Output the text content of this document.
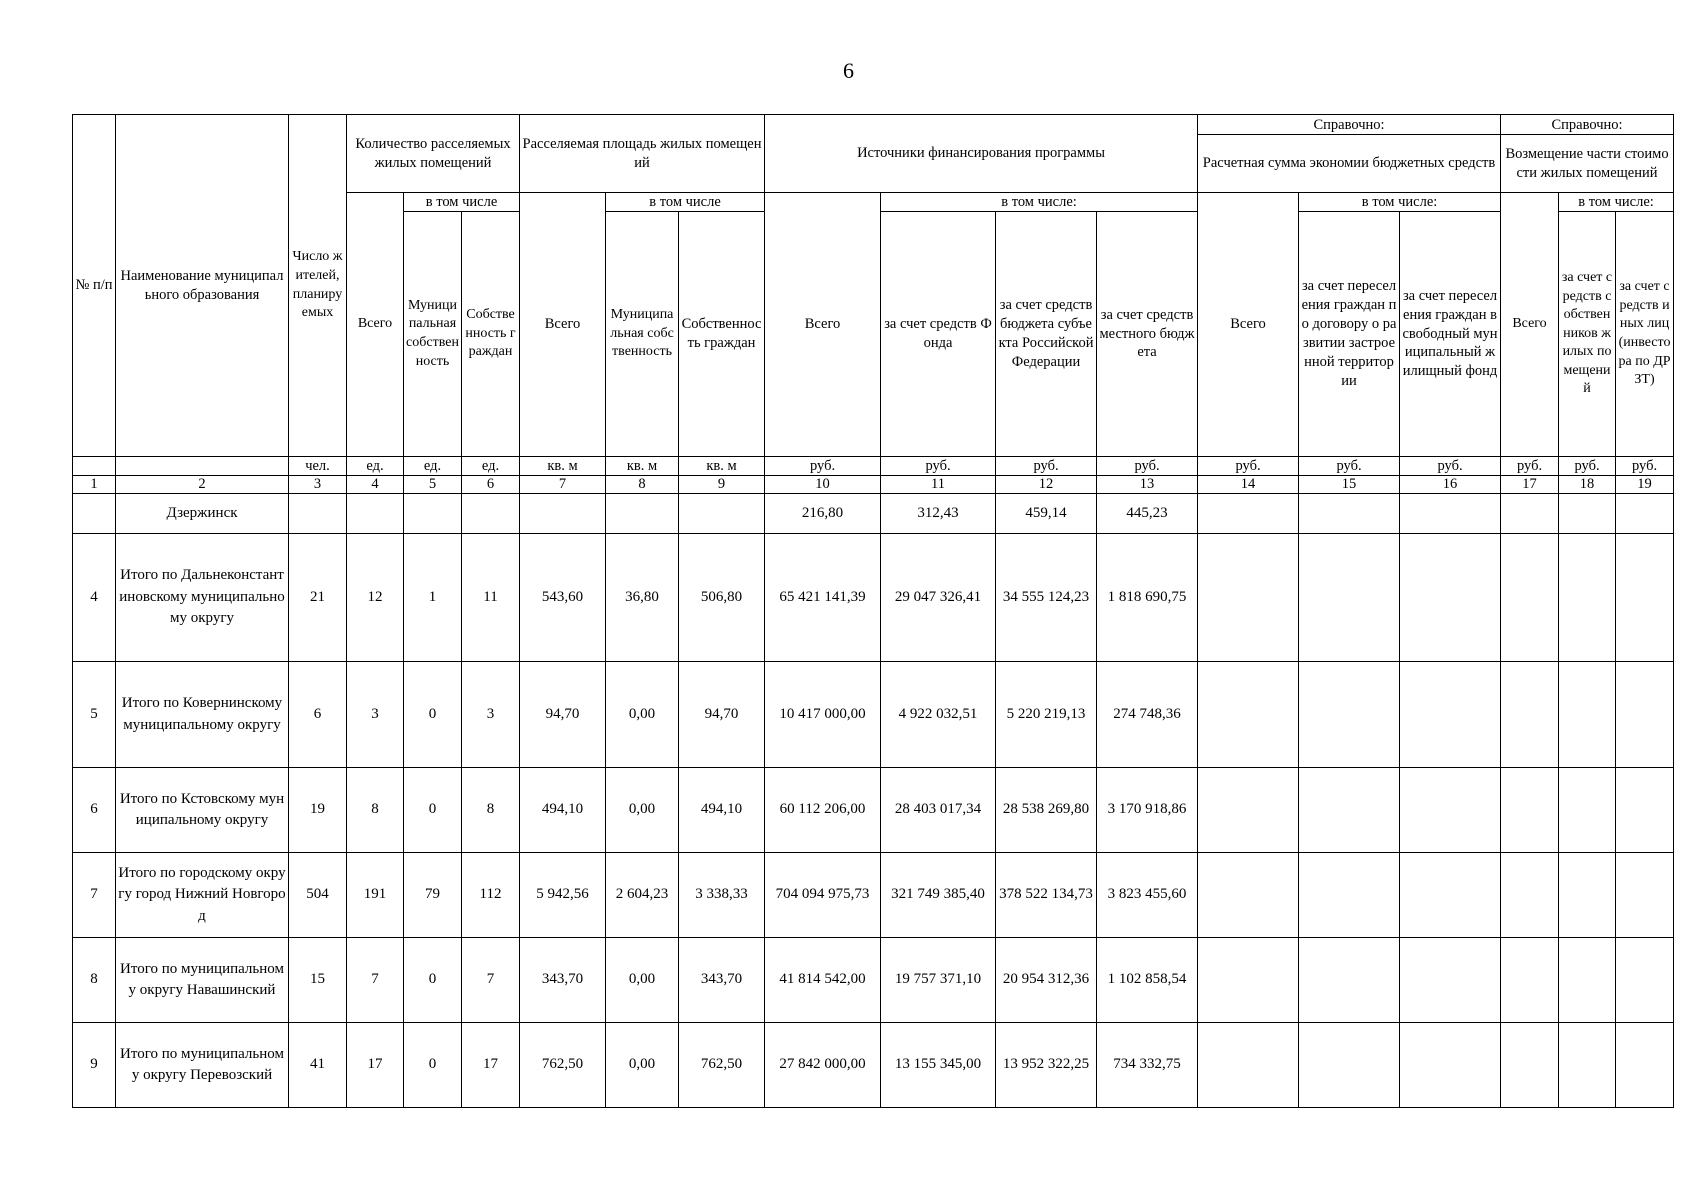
6
№ п/п	Наименование муниципального образования	Число жителей, планируемых	Количество расселяемых жилых помещений			Расселяемая площадь жилых помещений			Источники финансирования программы				Справочно:			Справочно:		
													Расчетная сумма экономии бюджетных средств			Возмещение части стоимости жилых помещений		
			Всего	в том числе		Всего	в том числе		Всего	в том числе:			Всего	в том числе:		Всего	в том числе:	
				Муниципальная собственность	Собственность граждан		Муниципальная собственность	Собственность граждан		за счет средств Фонда	за счет средств бюджета субъекта Российской Федерации	за счет средств местного бюджета		за счет переселения граждан по договору о развитии застроенной территории	за счет переселения граждан в свободный муниципальный жилищный фонд		за счет средств собственников жилых помещений	за счет средств иных лиц (инвестора по ДРЗТ)
		чел.	ед.	ед.	ед.	кв. м	кв. м	кв. м	руб.	руб.	руб.	руб.	руб.	руб.	руб.	руб.	руб.	руб.
1	2	3	4	5	6	7	8	9	10	11	12	13	14	15	16	17	18	19
	Дзержинск								216,80	312,43	459,14	445,23						
4	Итого по Дальнеконстантиновскому муниципальному округу	21	12	1	11	543,60	36,80	506,80	65 421 141,39	29 047 326,41	34 555 124,23	1 818 690,75						
5	Итого по Ковернинскому муниципальному округу	6	3	0	3	94,70	0,00	94,70	10 417 000,00	4 922 032,51	5 220 219,13	274 748,36						
6	Итого по Кстовскому муниципальному округу	19	8	0	8	494,10	0,00	494,10	60 112 206,00	28 403 017,34	28 538 269,80	3 170 918,86						
7	Итого по городскому округу город Нижний Новгород	504	191	79	112	5 942,56	2 604,23	3 338,33	704 094 975,73	321 749 385,40	378 522 134,73	3 823 455,60						
8	Итого по муниципальному округу Навашинский	15	7	0	7	343,70	0,00	343,70	41 814 542,00	19 757 371,10	20 954 312,36	1 102 858,54						
9	Итого по муниципальному округу Перевозский	41	17	0	17	762,50	0,00	762,50	27 842 000,00	13 155 345,00	13 952 322,25	734 332,75						
